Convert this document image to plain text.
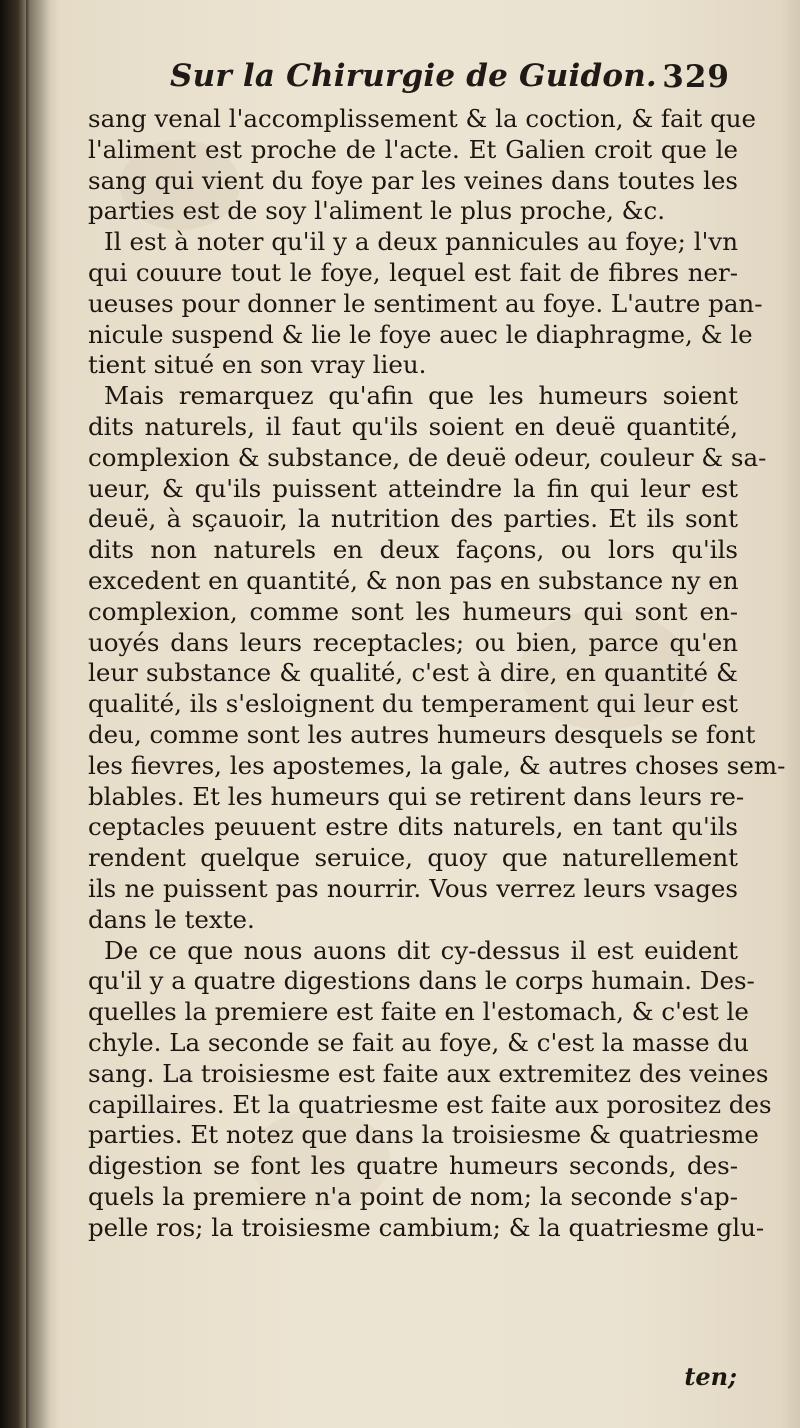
Sur la Chirurgie de Guidon. 329
sang venal l'accomplissement & la coction, & fait que
l'aliment est proche de l'acte. Et Galien croit que le
sang qui vient du foye par les veines dans toutes les
parties est de soy l'aliment le plus proche, &c.
Il est à noter qu'il y a deux pannicules au foye; l'vn
qui couure tout le foye, lequel est fait de fibres ner-
ueuses pour donner le sentiment au foye. L'autre pan-
nicule suspend & lie le foye auec le diaphragme, & le
tient situé en son vray lieu.
Mais remarquez qu'afin que les humeurs soient
dits naturels, il faut qu'ils soient en deuë quantité,
complexion & substance, de deuë odeur, couleur & sa-
ueur, & qu'ils puissent atteindre la fin qui leur est
deuë, à sçauoir, la nutrition des parties. Et ils sont
dits non naturels en deux façons, ou lors qu'ils
excedent en quantité, & non pas en substance ny en
complexion, comme sont les humeurs qui sont en-
uoyés dans leurs receptacles; ou bien, parce qu'en
leur substance & qualité, c'est à dire, en quantité &
qualité, ils s'esloignent du temperament qui leur est
deu, comme sont les autres humeurs desquels se font
les fievres, les apostemes, la gale, & autres choses sem-
blables. Et les humeurs qui se retirent dans leurs re-
ceptacles peuuent estre dits naturels, en tant qu'ils
rendent quelque seruice, quoy que naturellement
ils ne puissent pas nourrir. Vous verrez leurs vsages
dans le texte.
De ce que nous auons dit cy-dessus il est euident
qu'il y a quatre digestions dans le corps humain. Des-
quelles la premiere est faite en l'estomach, & c'est le
chyle. La seconde se fait au foye, & c'est la masse du
sang. La troisiesme est faite aux extremitez des veines
capillaires. Et la quatriesme est faite aux porositez des
parties. Et notez que dans la troisiesme & quatriesme
digestion se font les quatre humeurs seconds, des-
quels la premiere n'a point de nom; la seconde s'ap-
pelle ros; la troisiesme cambium; & la quatriesme glu-
ten;
